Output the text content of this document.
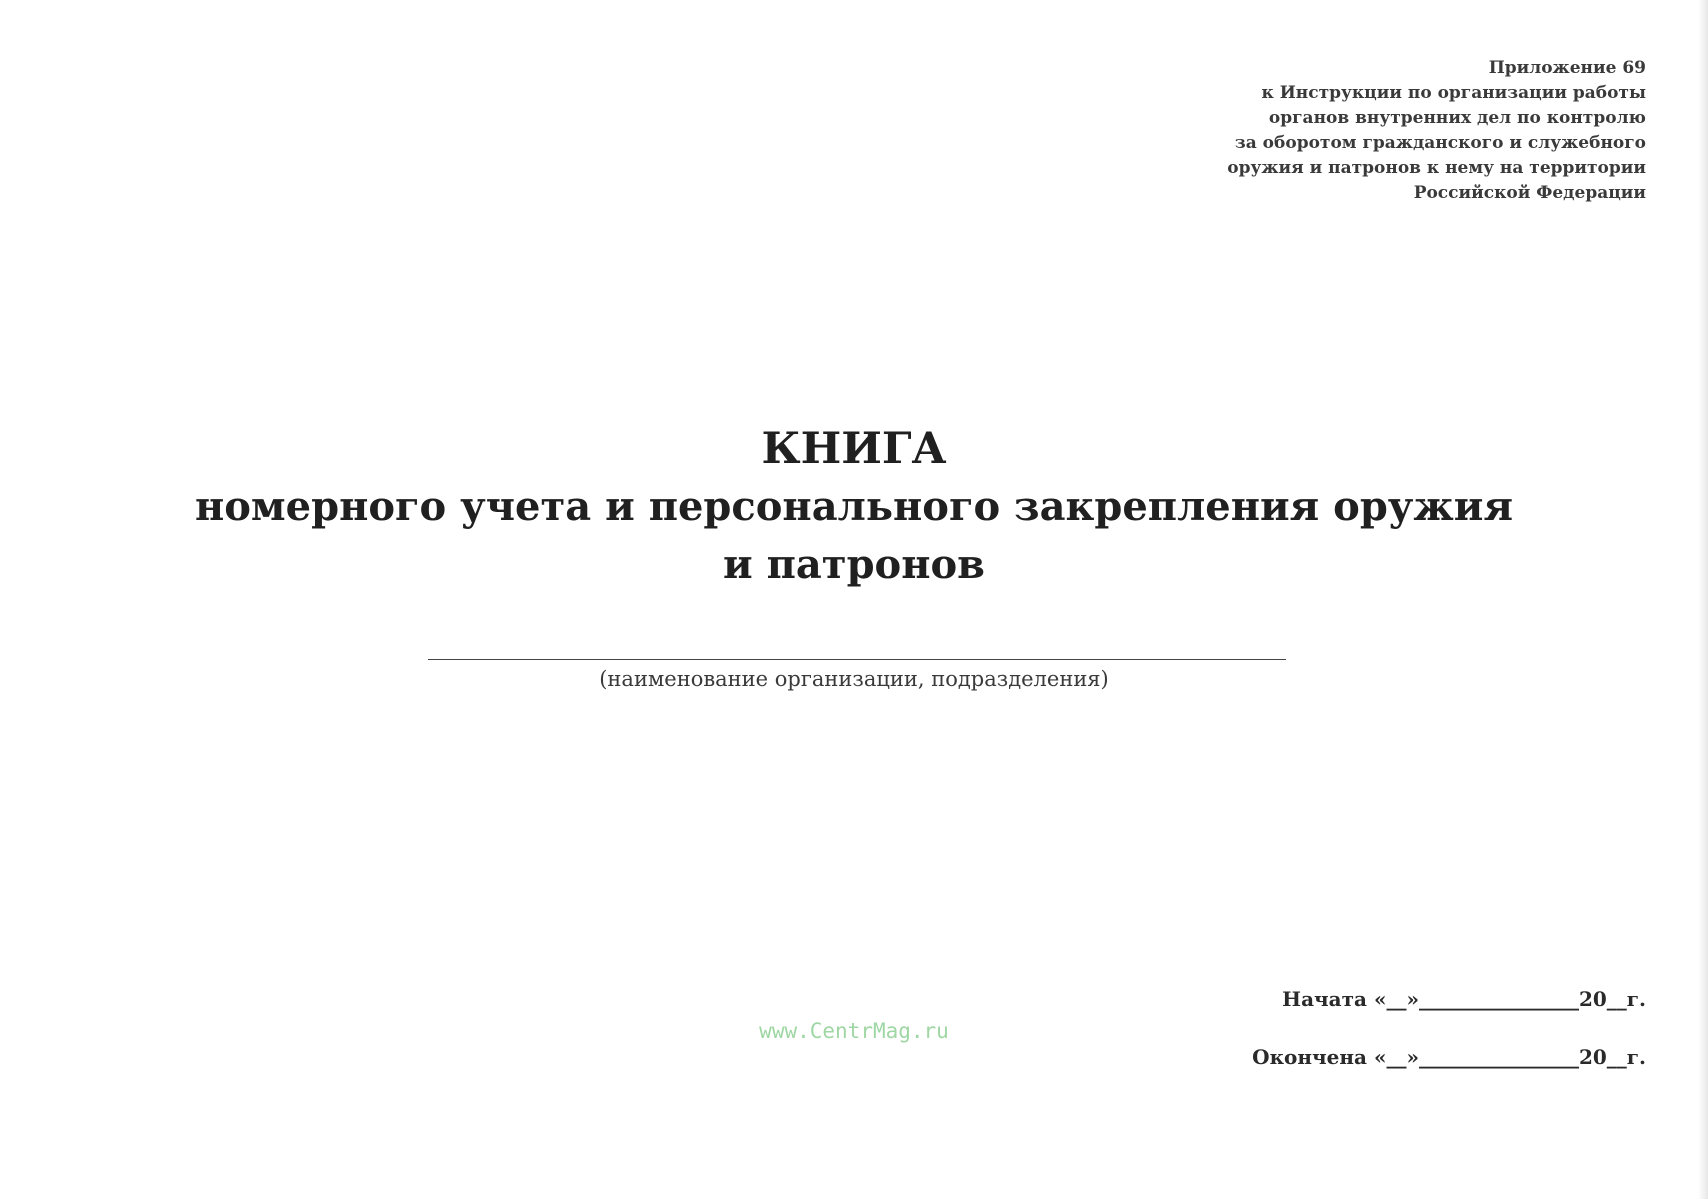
Приложение 69
к Инструкции по организации работы
органов внутренних дел по контролю
за оборотом гражданского и служебного
оружия и патронов к нему на территории
Российской Федерации
КНИГА
номерного учета и персонального закрепления оружия
и патронов
(наименование организации, подразделения)
www.CentrMag.ru
Начата «__»________________20__г.
Окончена «__»________________20__г.
